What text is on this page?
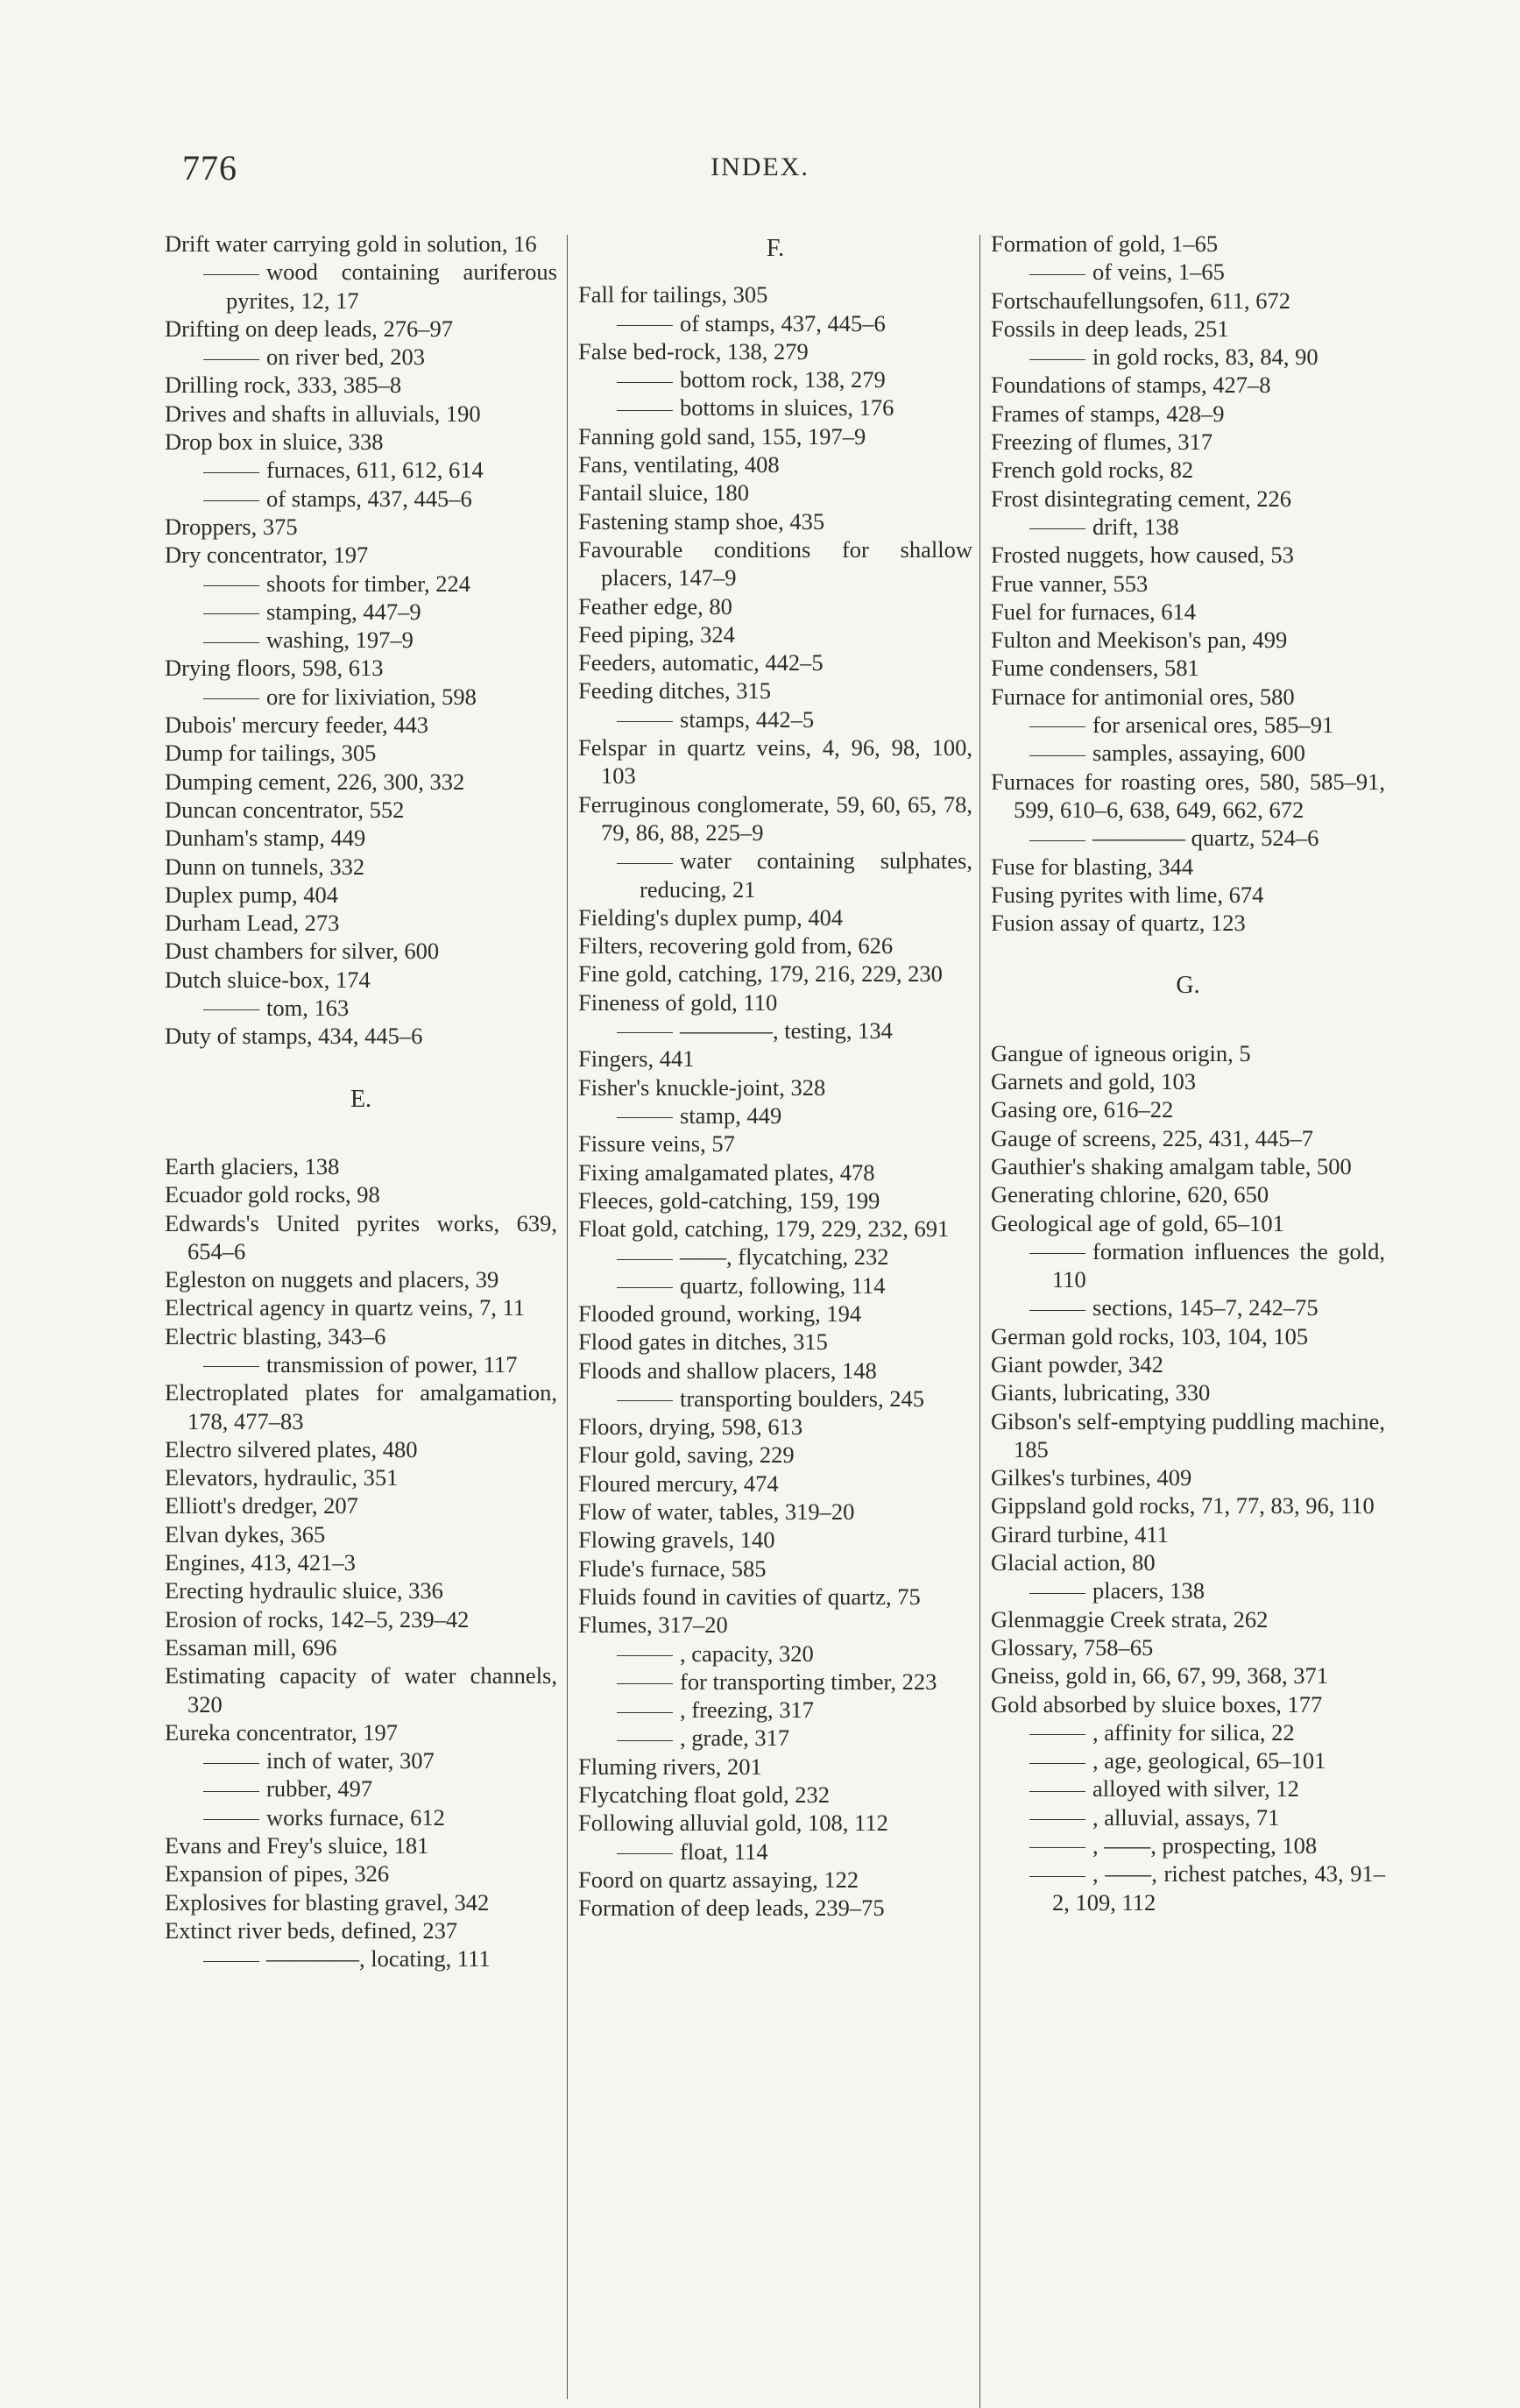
776	INDEX.
Drift water carrying gold in solution, 16
wood containing auriferous pyrites, 12, 17
Drifting on deep leads, 276–97
on river bed, 203
Drilling rock, 333, 385–8
Drives and shafts in alluvials, 190
Drop box in sluice, 338
furnaces, 611, 612, 614
of stamps, 437, 445–6
Droppers, 375
Dry concentrator, 197
shoots for timber, 224
stamping, 447–9
washing, 197–9
Drying floors, 598, 613
ore for lixiviation, 598
Dubois' mercury feeder, 443
Dump for tailings, 305
Dumping cement, 226, 300, 332
Duncan concentrator, 552
Dunham's stamp, 449
Dunn on tunnels, 332
Duplex pump, 404
Durham Lead, 273
Dust chambers for silver, 600
Dutch sluice-box, 174
tom, 163
Duty of stamps, 434, 445–6
E.
Earth glaciers, 138
Ecuador gold rocks, 98
Edwards's United pyrites works, 639, 654–6
Egleston on nuggets and placers, 39
Electrical agency in quartz veins, 7, 11
Electric blasting, 343–6
transmission of power, 117
Electroplated plates for amalgamation, 178, 477–83
Electro silvered plates, 480
Elevators, hydraulic, 351
Elliott's dredger, 207
Elvan dykes, 365
Engines, 413, 421–3
Erecting hydraulic sluice, 336
Erosion of rocks, 142–5, 239–42
Essaman mill, 696
Estimating capacity of water channels, 320
Eureka concentrator, 197
inch of water, 307
rubber, 497
works furnace, 612
Evans and Frey's sluice, 181
Expansion of pipes, 326
Explosives for blasting gravel, 342
Extinct river beds, defined, 237
————, locating, 111
F.
Fall for tailings, 305
of stamps, 437, 445–6
False bed-rock, 138, 279
bottom rock, 138, 279
bottoms in sluices, 176
Fanning gold sand, 155, 197–9
Fans, ventilating, 408
Fantail sluice, 180
Fastening stamp shoe, 435
Favourable conditions for shallow placers, 147–9
Feather edge, 80
Feed piping, 324
Feeders, automatic, 442–5
Feeding ditches, 315
stamps, 442–5
Felspar in quartz veins, 4, 96, 98, 100, 103
Ferruginous conglomerate, 59, 60, 65, 78, 79, 86, 88, 225–9
water containing sulphates, reducing, 21
Fielding's duplex pump, 404
Filters, recovering gold from, 626
Fine gold, catching, 179, 216, 229, 230
Fineness of gold, 110
————, testing, 134
Fingers, 441
Fisher's knuckle-joint, 328
stamp, 449
Fissure veins, 57
Fixing amalgamated plates, 478
Fleeces, gold-catching, 159, 199
Float gold, catching, 179, 229, 232, 691
——, flycatching, 232
quartz, following, 114
Flooded ground, working, 194
Flood gates in ditches, 315
Floods and shallow placers, 148
transporting boulders, 245
Floors, drying, 598, 613
Flour gold, saving, 229
Floured mercury, 474
Flow of water, tables, 319–20
Flowing gravels, 140
Flude's furnace, 585
Fluids found in cavities of quartz, 75
Flumes, 317–20
, capacity, 320
for transporting timber, 223
, freezing, 317
, grade, 317
Fluming rivers, 201
Flycatching float gold, 232
Following alluvial gold, 108, 112
float, 114
Foord on quartz assaying, 122
Formation of deep leads, 239–75
Formation of gold, 1–65
of veins, 1–65
Fortschaufellungsofen, 611, 672
Fossils in deep leads, 251
in gold rocks, 83, 84, 90
Foundations of stamps, 427–8
Frames of stamps, 428–9
Freezing of flumes, 317
French gold rocks, 82
Frost disintegrating cement, 226
drift, 138
Frosted nuggets, how caused, 53
Frue vanner, 553
Fuel for furnaces, 614
Fulton and Meekison's pan, 499
Fume condensers, 581
Furnace for antimonial ores, 580
for arsenical ores, 585–91
samples, assaying, 600
Furnaces for roasting ores, 580, 585–91, 599, 610–6, 638, 649, 662, 672
———— quartz, 524–6
Fuse for blasting, 344
Fusing pyrites with lime, 674
Fusion assay of quartz, 123
G.
Gangue of igneous origin, 5
Garnets and gold, 103
Gasing ore, 616–22
Gauge of screens, 225, 431, 445–7
Gauthier's shaking amalgam table, 500
Generating chlorine, 620, 650
Geological age of gold, 65–101
formation influences the gold, 110
sections, 145–7, 242–75
German gold rocks, 103, 104, 105
Giant powder, 342
Giants, lubricating, 330
Gibson's self-emptying puddling machine, 185
Gilkes's turbines, 409
Gippsland gold rocks, 71, 77, 83, 96, 110
Girard turbine, 411
Glacial action, 80
placers, 138
Glenmaggie Creek strata, 262
Glossary, 758–65
Gneiss, gold in, 66, 67, 99, 368, 371
Gold absorbed by sluice boxes, 177
, affinity for silica, 22
, age, geological, 65–101
alloyed with silver, 12
, alluvial, assays, 71
, ——, prospecting, 108
, ——, richest patches, 43, 91–2, 109, 112
